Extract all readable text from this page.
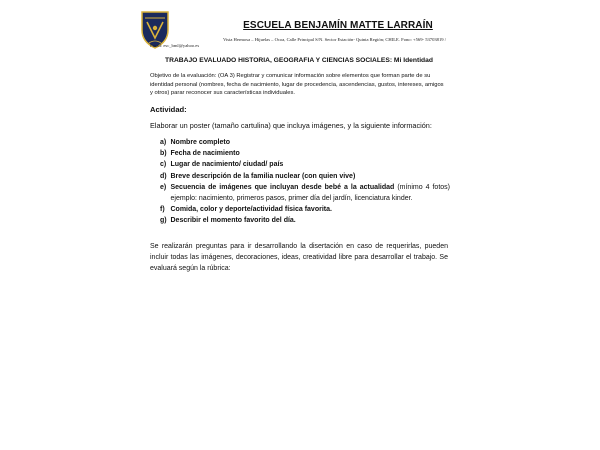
ESCUELA BENJAMÍN MATTE LARRAÍN
Vista Hermosa – Hijuelas – Ocoa, Calle Principal S/N. Sector Estación- Quinta Región; CHILE. Fono: +569- 53703819 /
Email: esc_bml@yahoo.es
TRABAJO EVALUADO HISTORIA, GEOGRAFIA Y CIENCIAS SOCIALES: Mi Identidad
Objetivo de la evaluación: (OA 3) Registrar y comunicar información sobre elementos que forman parte de su identidad personal (nombres, fecha de nacimiento, lugar de procedencia, ascendencias, gustos, intereses, amigos y otros) parar reconocer sus características individuales.
Actividad:
Elaborar un poster (tamaño cartulina) que incluya imágenes, y la siguiente información:
a) Nombre completo
b) Fecha de nacimiento
c) Lugar de nacimiento/ ciudad/ país
d) Breve descripción de la familia nuclear (con quien vive)
e) Secuencia de imágenes que incluyan desde bebé a la actualidad (mínimo 4 fotos) ejemplo: nacimiento, primeros pasos, primer día del jardín, licenciatura kinder.
f) Comida, color y deporte/actividad física favorita.
g) Describir el momento favorito del día.
Se realizarán preguntas para ir desarrollando la disertación en caso de requerirlas, pueden incluir todas las imágenes, decoraciones, ideas, creatividad libre para desarrollar el trabajo. Se evaluará según la rúbrica:
